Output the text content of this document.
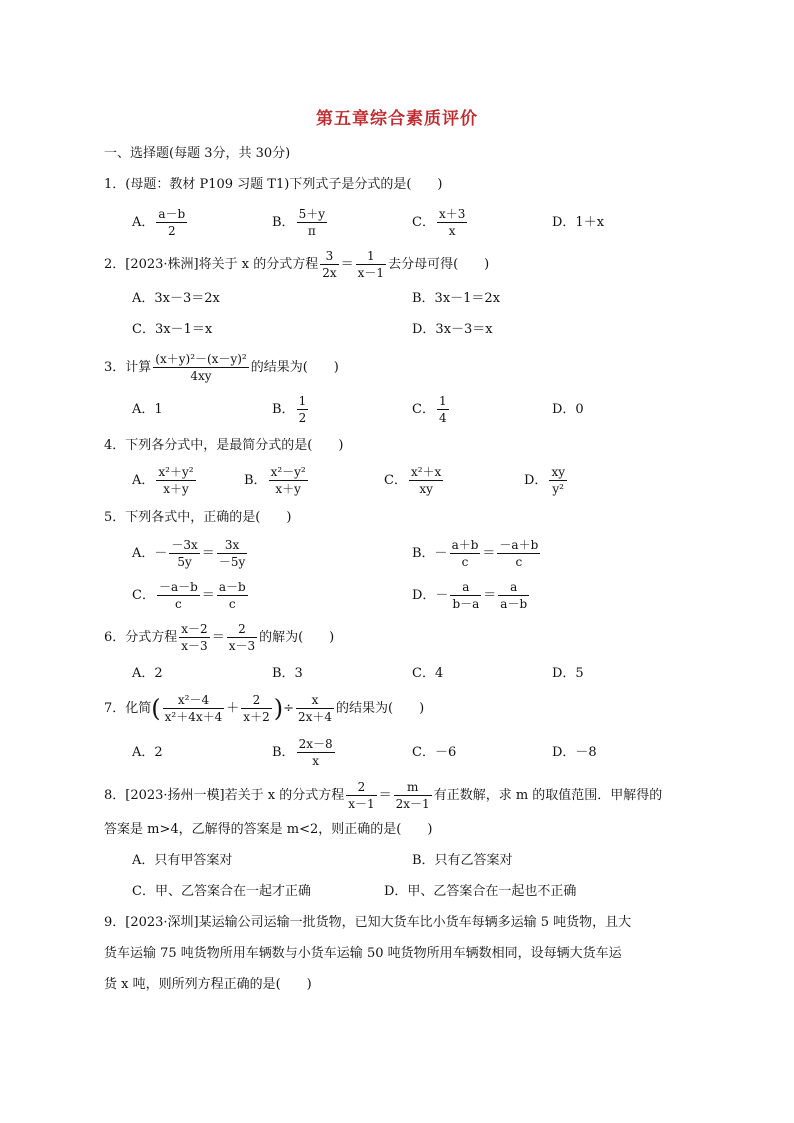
第五章综合素质评价
一、选择题(每题 3分，共 30分)
1．(母题：教材 P109 习题 T1)下列式子是分式的是(　　)
A． $\frac{a-b}{2}$	B． $\frac{5+y}{\pi}$	C． $\frac{x+3}{x}$	D．1＋x
2．[2023·株洲]将关于 x 的分式方程 $\frac{3}{2x} = \frac{1}{x-1}$ 去分母可得(　　)
A．3x－3＝2x	B．3x－1＝2x
C．3x－1＝x	D．3x－3＝x
3．计算 $\frac{\text{(x＋y)²－(x－y)²}}{4xy}$ 的结果为(　　)
A．1	B． $\frac{1}{2}$	C． $\frac{1}{4}$	D．0
4．下列各分式中，是最简分式的是(　　)
A． $\frac{\text{x²＋y²}}{x+y}$	B． $\frac{\text{x²－y²}}{x+y}$	C． $\frac{\text{x²＋x}}{xy}$	D． $\frac{xy}{\text{y²}}$
5．下列各式中，正确的是(　　)
A．－ $\frac{-3x}{5y} = \frac{3x}{-5y}$	B．－ $\frac{a+b}{c} = \frac{-a+b}{c}$
C． $\frac{-a-b}{c} = \frac{a-b}{c}$	D．－ $\frac{a}{b-a} = \frac{a}{a-b}$
6．分式方程 $\frac{x-2}{x-3} = \frac{2}{x-3}$ 的解为(　　)
A．2	B．3	C．4	D．5
7．化简( $\frac{\text{x²－4}}{\text{x²＋4x＋4}} + \frac{2}{x+2}$ )÷ $\frac{x}{2x+4}$ 的结果为(　　)
A．2	B． $\frac{2x-8}{x}$	C．－6	D．－8
8．[2023·扬州一模]若关于 x 的分式方程 $\frac{2}{x-1} = \frac{m}{2x-1}$ 有正数解，求 m 的取值范围．甲解得的
答案是 m>4，乙解得的答案是 m<2，则正确的是(　　)
A．只有甲答案对	B．只有乙答案对
C．甲、乙答案合在一起才正确	D．甲、乙答案合在一起也不正确
9．[2023·深圳]某运输公司运输一批货物，已知大货车比小货车每辆多运输 5 吨货物，且大
货车运输 75 吨货物所用车辆数与小货车运输 50 吨货物所用车辆数相同，设每辆大货车运
货 x 吨，则所列方程正确的是(　　)
